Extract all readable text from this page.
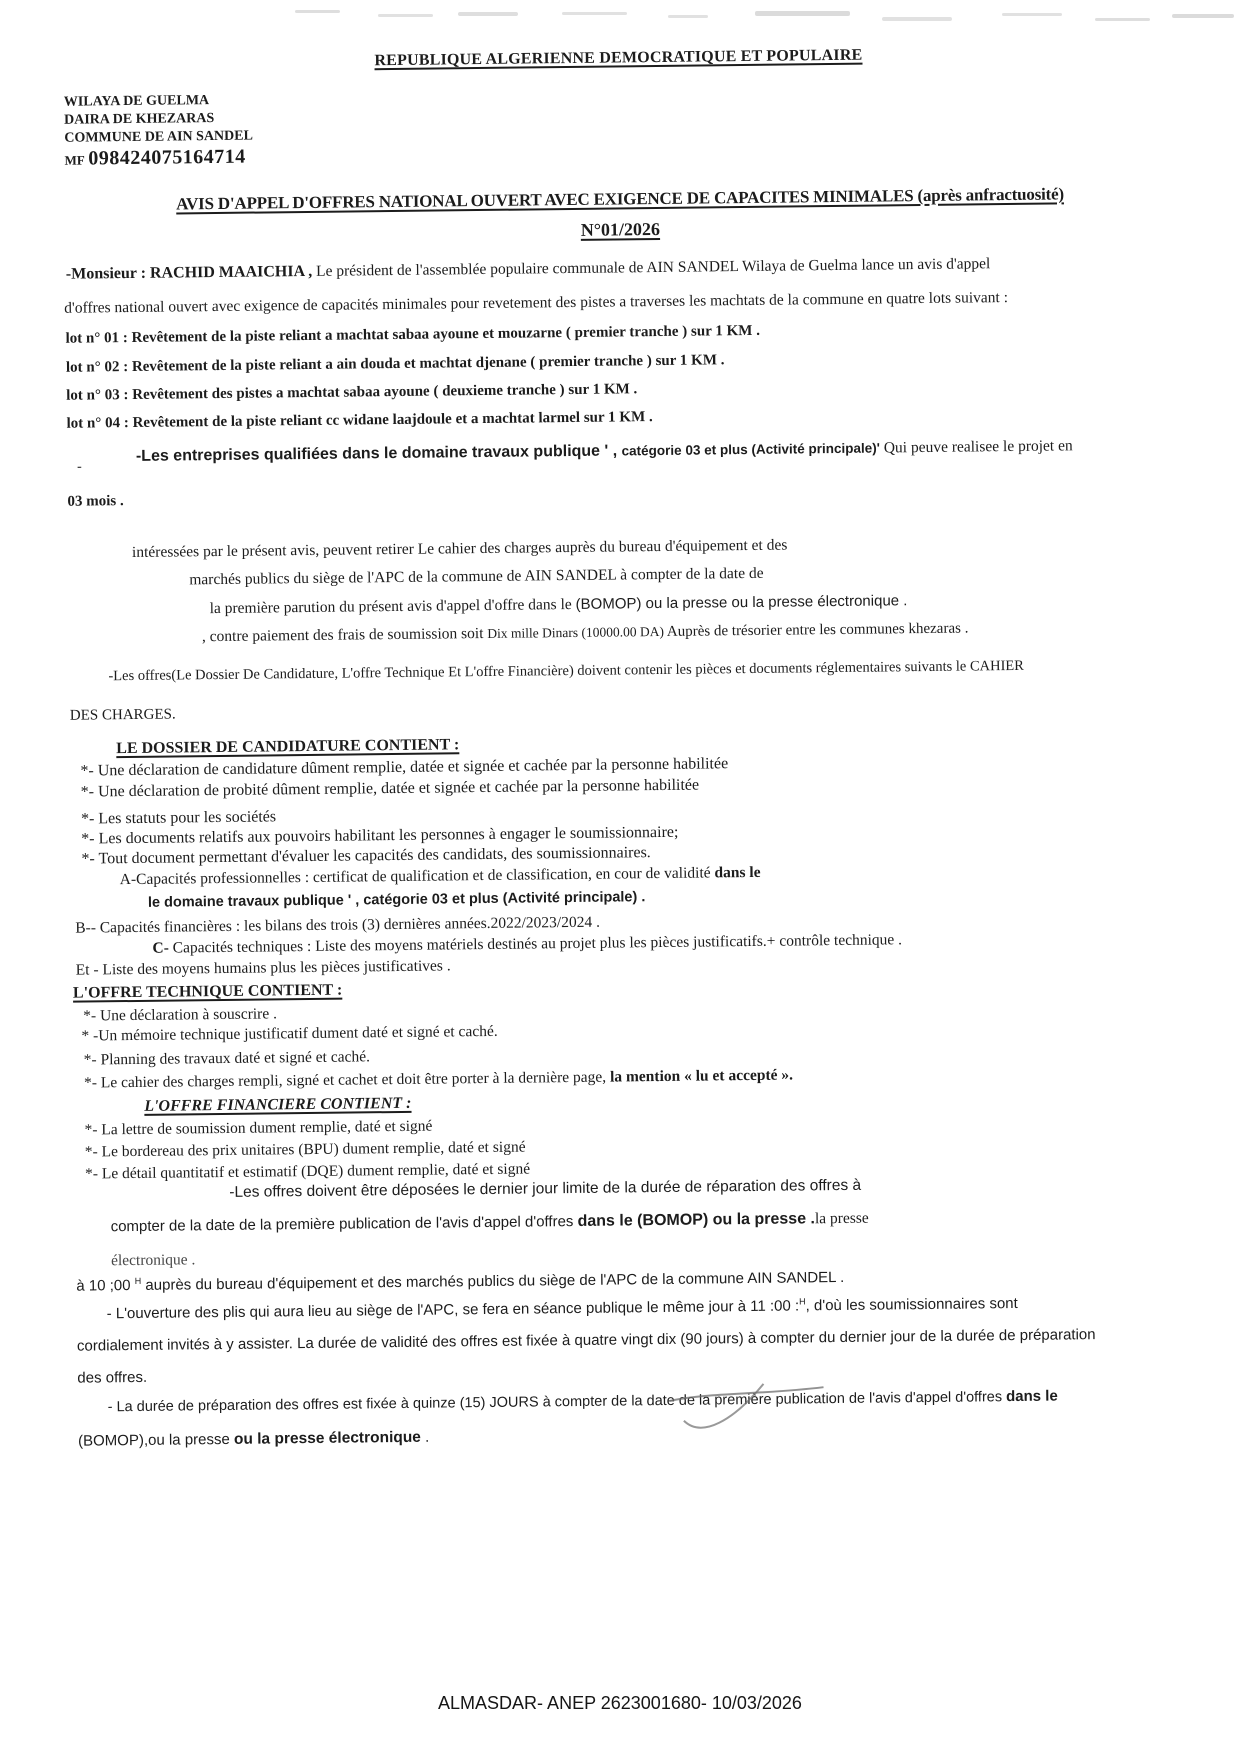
REPUBLIQUE ALGERIENNE DEMOCRATIQUE ET POPULAIRE
WILAYA DE GUELMA
DAIRA DE KHEZARAS
COMMUNE DE AIN SANDEL
MF 098424075164714
AVIS D'APPEL D'OFFRES NATIONAL OUVERT AVEC EXIGENCE DE CAPACITES MINIMALES (après anfractuosité)
N°01/2026
-Monsieur : RACHID MAAICHIA , Le président de l'assemblée populaire communale de AIN SANDEL Wilaya de Guelma lance un avis d'appel
d'offres national ouvert avec exigence de capacités minimales pour revetement des pistes a traverses les machtats de la commune en quatre lots suivant :
lot n° 01 : Revêtement de la piste reliant a machtat sabaa ayoune et mouzarne ( premier tranche ) sur 1 KM .
lot n° 02 : Revêtement de la piste reliant a ain douda et machtat djenane ( premier tranche ) sur 1 KM .
lot n° 03 : Revêtement des pistes a machtat sabaa ayoune ( deuxieme tranche ) sur 1 KM .
lot n° 04 : Revêtement de la piste reliant cc widane laajdoule et a machtat larmel sur 1 KM .
-
-Les entreprises qualifiées dans le domaine travaux publique ' , catégorie 03 et plus (Activité principale)' Qui peuve realisee le projet en
03 mois .
intéressées par le présent avis, peuvent retirer Le cahier des charges auprès du bureau d'équipement et des
marchés publics du siège de l'APC de la commune de AIN SANDEL à compter de la date de
la première parution du présent avis d'appel d'offre dans le (BOMOP) ou la presse ou la presse électronique .
, contre paiement des frais de soumission soit Dix mille Dinars (10000.00 DA) Auprès de trésorier entre les communes khezaras .
-Les offres(Le Dossier De Candidature, L'offre Technique Et L'offre Financière) doivent contenir les pièces et documents réglementaires suivants le CAHIER
DES CHARGES.
LE DOSSIER DE CANDIDATURE CONTIENT :
*- Une déclaration de candidature dûment remplie, datée et signée et cachée par la personne habilitée
*- Une déclaration de probité dûment remplie, datée et signée et cachée par la personne habilitée
*- Les statuts pour les sociétés
*- Les documents relatifs aux pouvoirs habilitant les personnes à engager le soumissionnaire;
*- Tout document permettant d'évaluer les capacités des candidats, des soumissionnaires.
A-Capacités professionnelles : certificat de qualification et de classification, en cour de validité dans le
le domaine travaux publique ' , catégorie 03 et plus (Activité principale) .
B-- Capacités financières : les bilans des trois (3) dernières années.2022/2023/2024 .
C- Capacités techniques : Liste des moyens matériels destinés au projet plus les pièces justificatifs.+ contrôle technique .
Et - Liste des moyens humains plus les pièces justificatives .
L'OFFRE TECHNIQUE CONTIENT :
*- Une déclaration à souscrire .
* -Un mémoire technique justificatif dument daté et signé et caché.
*- Planning des travaux daté et signé et caché.
*- Le cahier des charges rempli, signé et cachet et doit être porter à la dernière page, la mention « lu et accepté ».
L'OFFRE FINANCIERE CONTIENT :
*- La lettre de soumission dument remplie, daté et signé
*- Le bordereau des prix unitaires (BPU) dument remplie, daté et signé
*- Le détail quantitatif et estimatif (DQE) dument remplie, daté et signé
-Les offres doivent être déposées le dernier jour limite de la durée de réparation des offres à
compter de la date de la première publication de l'avis d'appel d'offres dans le (BOMOP) ou la presse .la presse
électronique .
à 10 ;00 $^H$ auprès du bureau d'équipement et des marchés publics du siège de l'APC de la commune AIN SANDEL .
- L'ouverture des plis qui aura lieu au siège de l'APC, se fera en séance publique le même jour à 11 :00 :$^H$, d'où les soumissionnaires sont
cordialement invités à y assister. La durée de validité des offres est fixée à quatre vingt dix (90 jours) à compter du dernier jour de la durée de préparation
des offres.
- La durée de préparation des offres est fixée à quinze (15) JOURS à compter de la date de la première publication de l'avis d'appel d'offres dans le
(BOMOP),ou la presse ou la presse électronique .
ALMASDAR- ANEP 2623001680- 10/03/2026
